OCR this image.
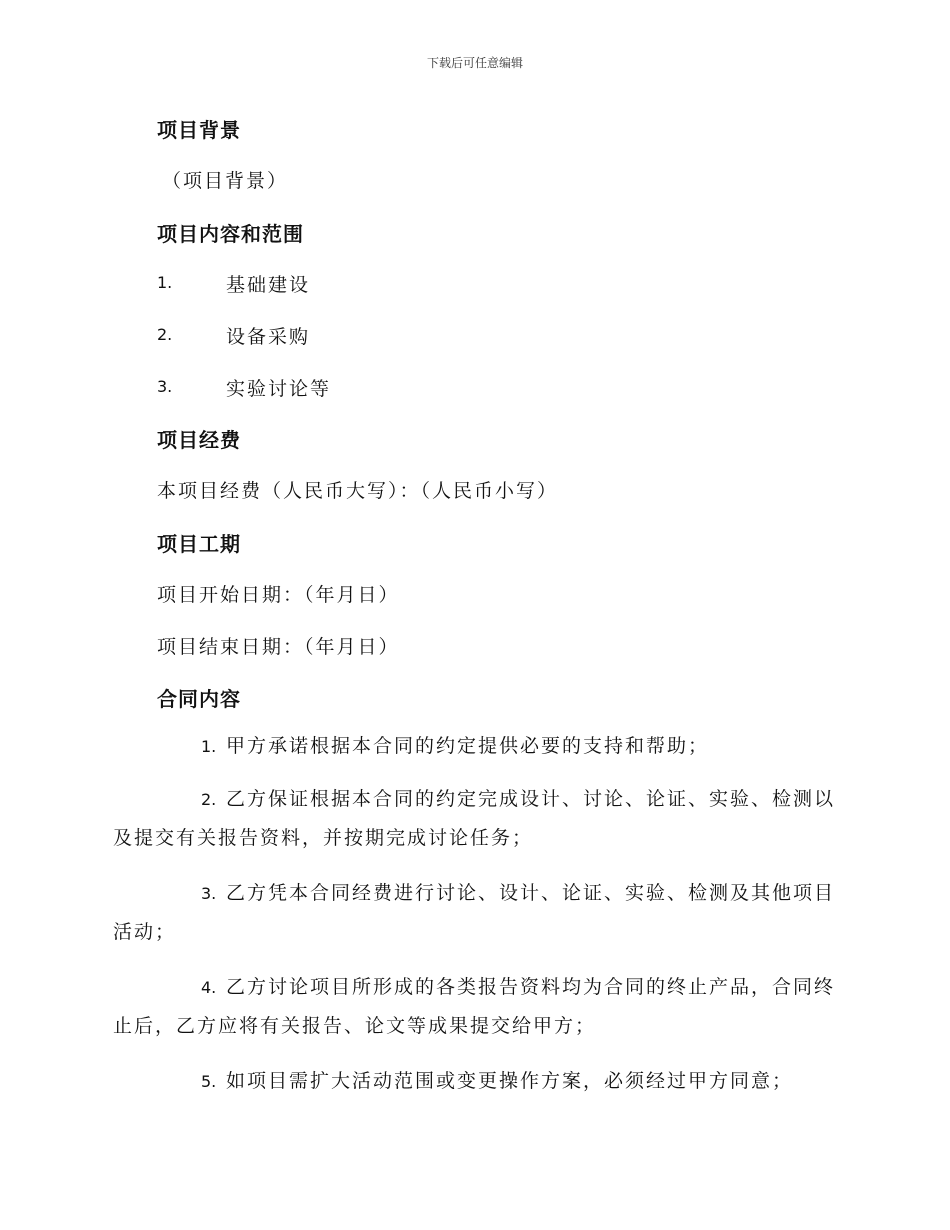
下载后可任意编辑
项目背景
（项目背景）
项目内容和范围
1.	基础建设
2.	设备采购
3.	实验讨论等
项目经费
本项目经费（人民币大写）：（人民币小写）
项目工期
项目开始日期：（年月日）
项目结束日期：（年月日）
合同内容
1. 甲方承诺根据本合同的约定提供必要的支持和帮助；
2. 乙方保证根据本合同的约定完成设计、讨论、论证、实验、检测以及提交有关报告资料，并按期完成讨论任务；
3. 乙方凭本合同经费进行讨论、设计、论证、实验、检测及其他项目活动；
4. 乙方讨论项目所形成的各类报告资料均为合同的终止产品，合同终止后，乙方应将有关报告、论文等成果提交给甲方；
5. 如项目需扩大活动范围或变更操作方案，必须经过甲方同意；
